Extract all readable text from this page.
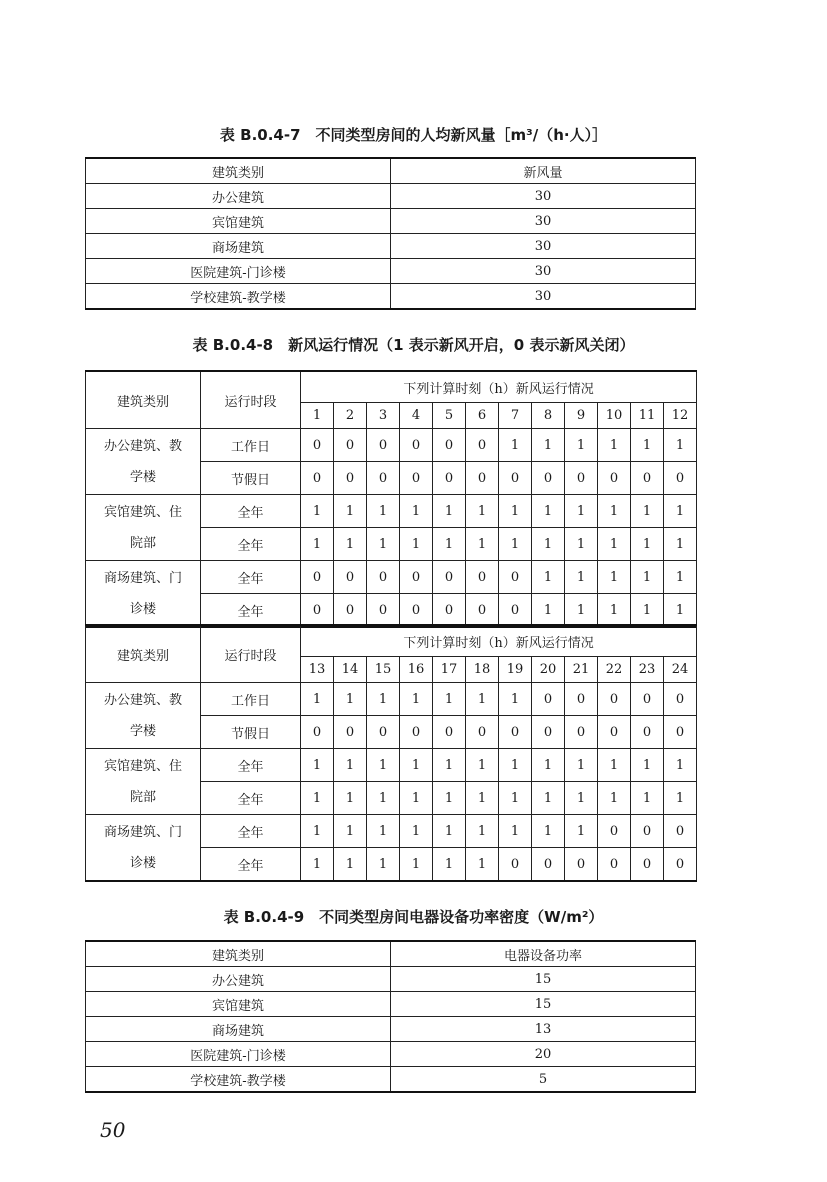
表 B.0.4-7　不同类型房间的人均新风量［m³/（h·人）］
建筑类别	新风量
办公建筑	30
宾馆建筑	30
商场建筑	30
医院建筑-门诊楼	30
学校建筑-教学楼	30
表 B.0.4-8　新风运行情况（1 表示新风开启，0 表示新风关闭）
建筑类别	运行时段	下列计算时刻（h）新风运行情况											
		1	2	3	4	5	6	7	8	9	10	11	12
办公建筑、教学楼	工作日	0	0	0	0	0	0	1	1	1	1	1	1
	节假日	0	0	0	0	0	0	0	0	0	0	0	0
宾馆建筑、住院部	全年	1	1	1	1	1	1	1	1	1	1	1	1
	全年	1	1	1	1	1	1	1	1	1	1	1	1
商场建筑、门诊楼	全年	0	0	0	0	0	0	0	1	1	1	1	1
	全年	0	0	0	0	0	0	0	1	1	1	1	1
建筑类别	运行时段	下列计算时刻（h）新风运行情况											
		13	14	15	16	17	18	19	20	21	22	23	24
办公建筑、教学楼	工作日	1	1	1	1	1	1	1	0	0	0	0	0
	节假日	0	0	0	0	0	0	0	0	0	0	0	0
宾馆建筑、住院部	全年	1	1	1	1	1	1	1	1	1	1	1	1
	全年	1	1	1	1	1	1	1	1	1	1	1	1
商场建筑、门诊楼	全年	1	1	1	1	1	1	1	1	1	0	0	0
	全年	1	1	1	1	1	1	0	0	0	0	0	0
表 B.0.4-9　不同类型房间电器设备功率密度（W/m²）
建筑类别	电器设备功率
办公建筑	15
宾馆建筑	15
商场建筑	13
医院建筑-门诊楼	20
学校建筑-教学楼	5
50
